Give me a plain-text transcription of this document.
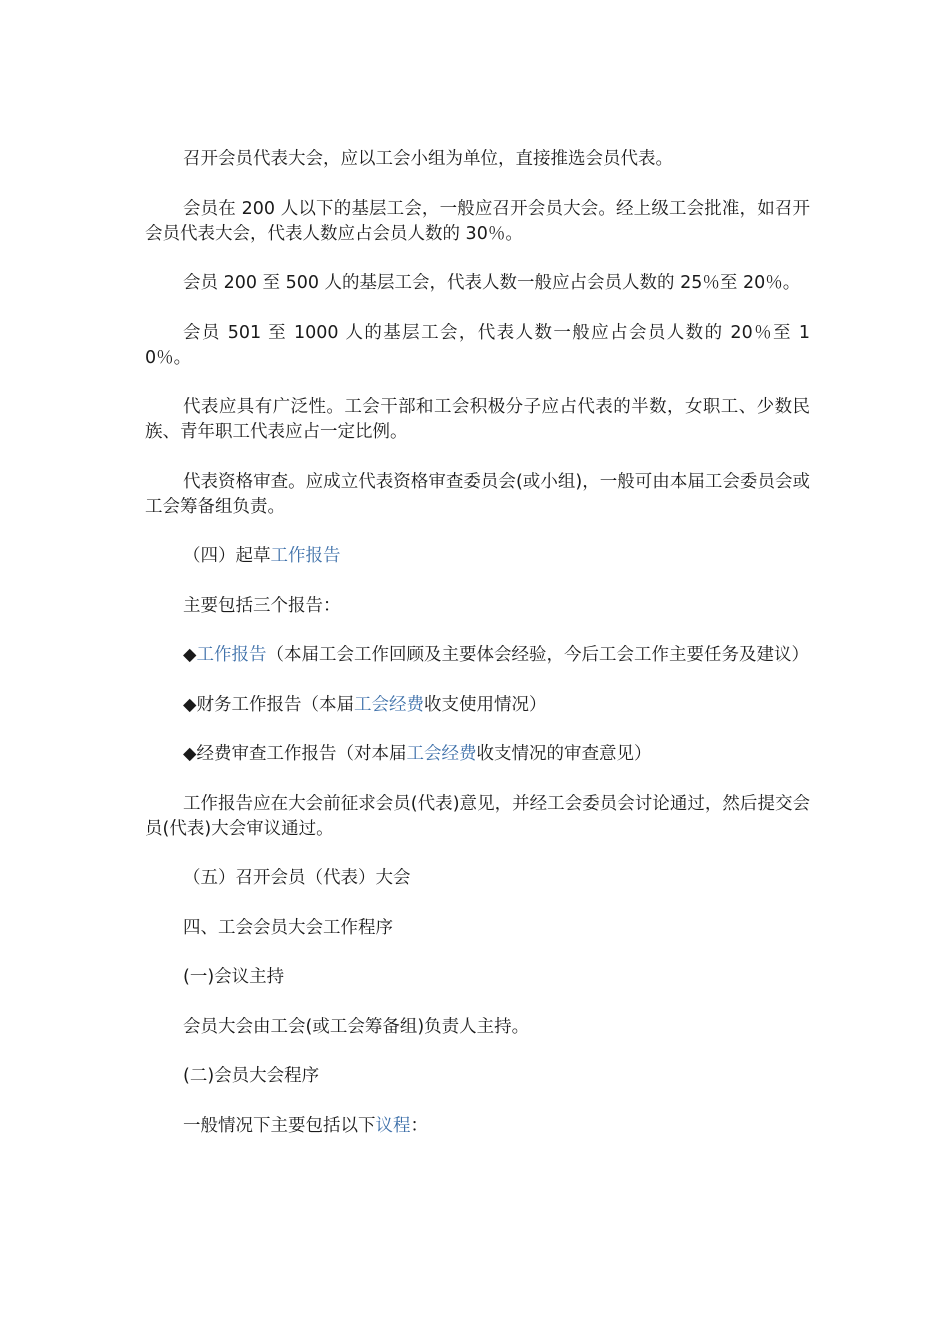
召开会员代表大会，应以工会小组为单位，直接推选会员代表。

会员在 200 人以下的基层工会，一般应召开会员大会。经上级工会批准，如召开会员代表大会，代表人数应占会员人数的 30％。

会员 200 至 500 人的基层工会，代表人数一般应占会员人数的 25％至 20％。

会员 501 至 1000 人的基层工会，代表人数一般应占会员人数的 20％至 10％。

代表应具有广泛性。工会干部和工会积极分子应占代表的半数，女职工、少数民族、青年职工代表应占一定比例。

代表资格审查。应成立代表资格审查委员会(或小组)，一般可由本届工会委员会或工会筹备组负责。

（四）起草工作报告

主要包括三个报告：

◆工作报告（本届工会工作回顾及主要体会经验，今后工会工作主要任务及建议）

◆财务工作报告（本届工会经费收支使用情况）

◆经费审查工作报告（对本届工会经费收支情况的审查意见）

工作报告应在大会前征求会员(代表)意见，并经工会委员会讨论通过，然后提交会员(代表)大会审议通过。

（五）召开会员（代表）大会

四、工会会员大会工作程序

(一)会议主持

会员大会由工会(或工会筹备组)负责人主持。

(二)会员大会程序

一般情况下主要包括以下议程：
